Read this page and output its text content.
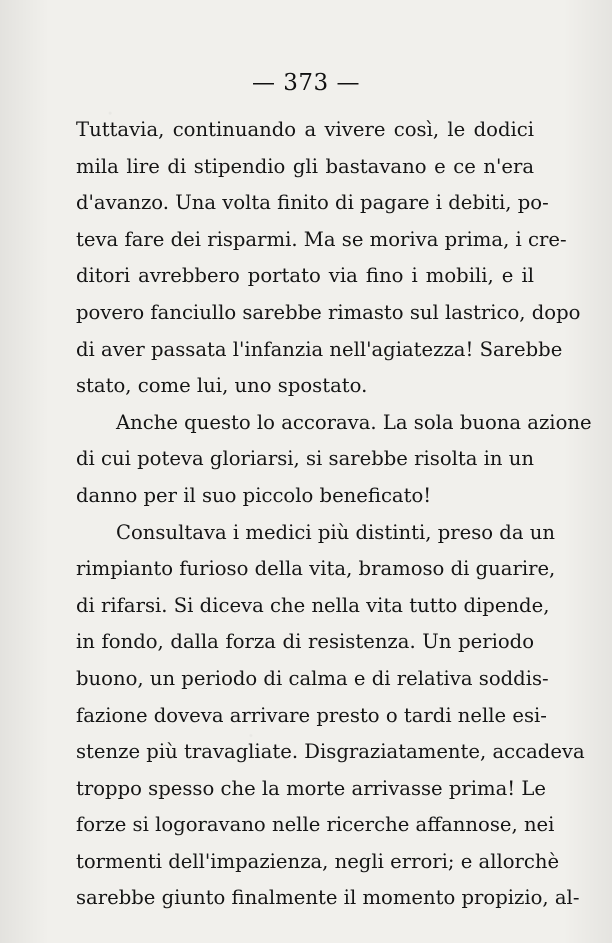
— 373 —
Tuttavia, continuando a vivere così, le dodici
mila lire di stipendio gli bastavano e ce n'era
d'avanzo. Una volta finito di pagare i debiti, po-
teva fare dei risparmi. Ma se moriva prima, i cre-
ditori avrebbero portato via fino i mobili, e il
povero fanciullo sarebbe rimasto sul lastrico, dopo
di aver passata l'infanzia nell'agiatezza! Sarebbe
stato, come lui, uno spostato.
Anche questo lo accorava. La sola buona azione
di cui poteva gloriarsi, si sarebbe risolta in un
danno per il suo piccolo beneficato!
Consultava i medici più distinti, preso da un
rimpianto furioso della vita, bramoso di guarire,
di rifarsi. Si diceva che nella vita tutto dipende,
in fondo, dalla forza di resistenza. Un periodo
buono, un periodo di calma e di relativa soddis-
fazione doveva arrivare presto o tardi nelle esi-
stenze più travagliate. Disgraziatamente, accadeva
troppo spesso che la morte arrivasse prima! Le
forze si logoravano nelle ricerche affannose, nei
tormenti dell'impazienza, negli errori; e allorchè
sarebbe giunto finalmente il momento propizio, al-
